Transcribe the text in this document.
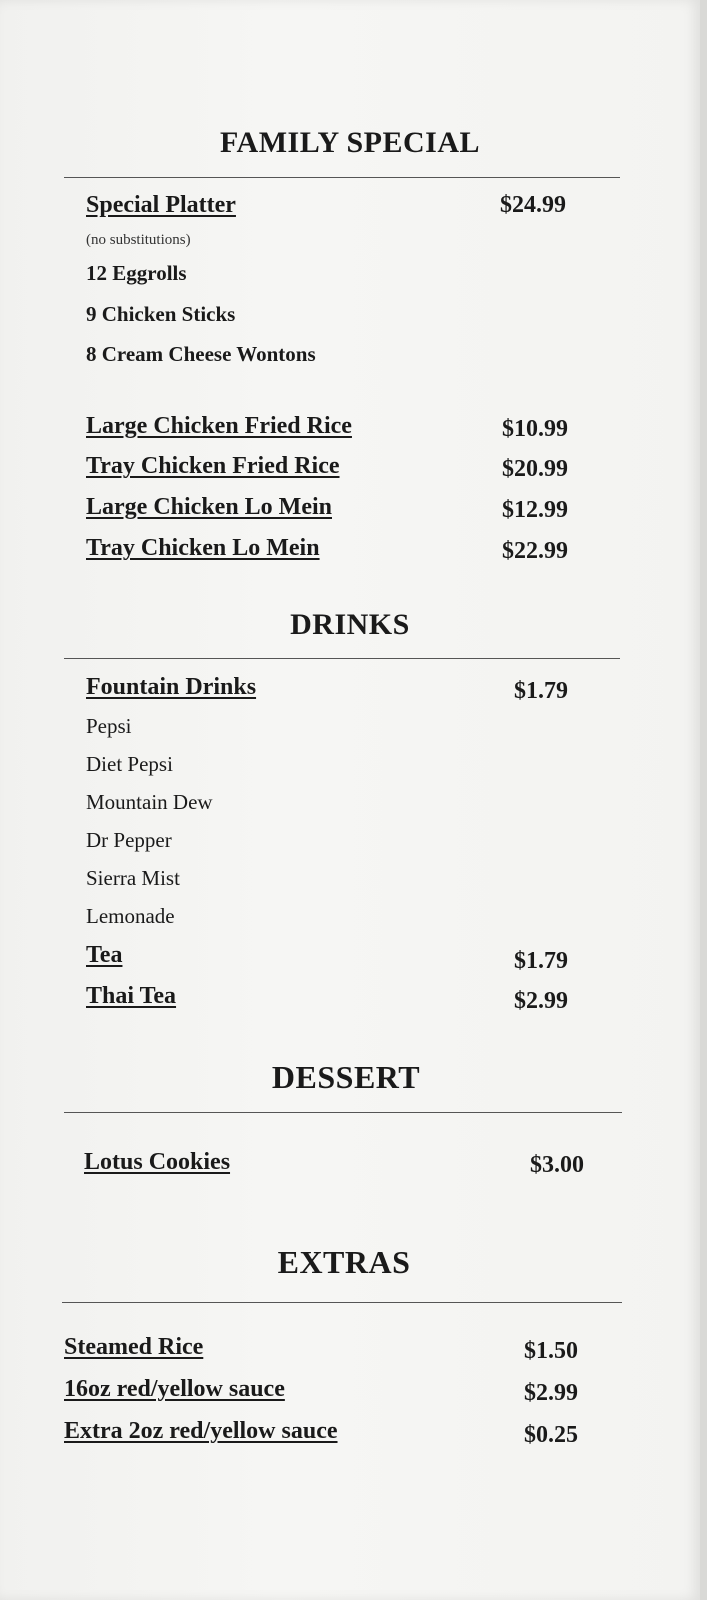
FAMILY SPECIAL
Special Platter	$24.99
(no substitutions)
12 Eggrolls
9 Chicken Sticks
8 Cream Cheese Wontons
Large Chicken Fried Rice	$10.99
Tray Chicken Fried Rice	$20.99
Large Chicken Lo Mein	$12.99
Tray Chicken Lo Mein	$22.99
DRINKS
Fountain Drinks	$1.79
Pepsi
Diet Pepsi
Mountain Dew
Dr Pepper
Sierra Mist
Lemonade
Tea	$1.79
Thai Tea	$2.99
DESSERT
Lotus Cookies	$3.00
EXTRAS
Steamed Rice	$1.50
16oz red/yellow sauce	$2.99
Extra 2oz red/yellow sauce	$0.25
